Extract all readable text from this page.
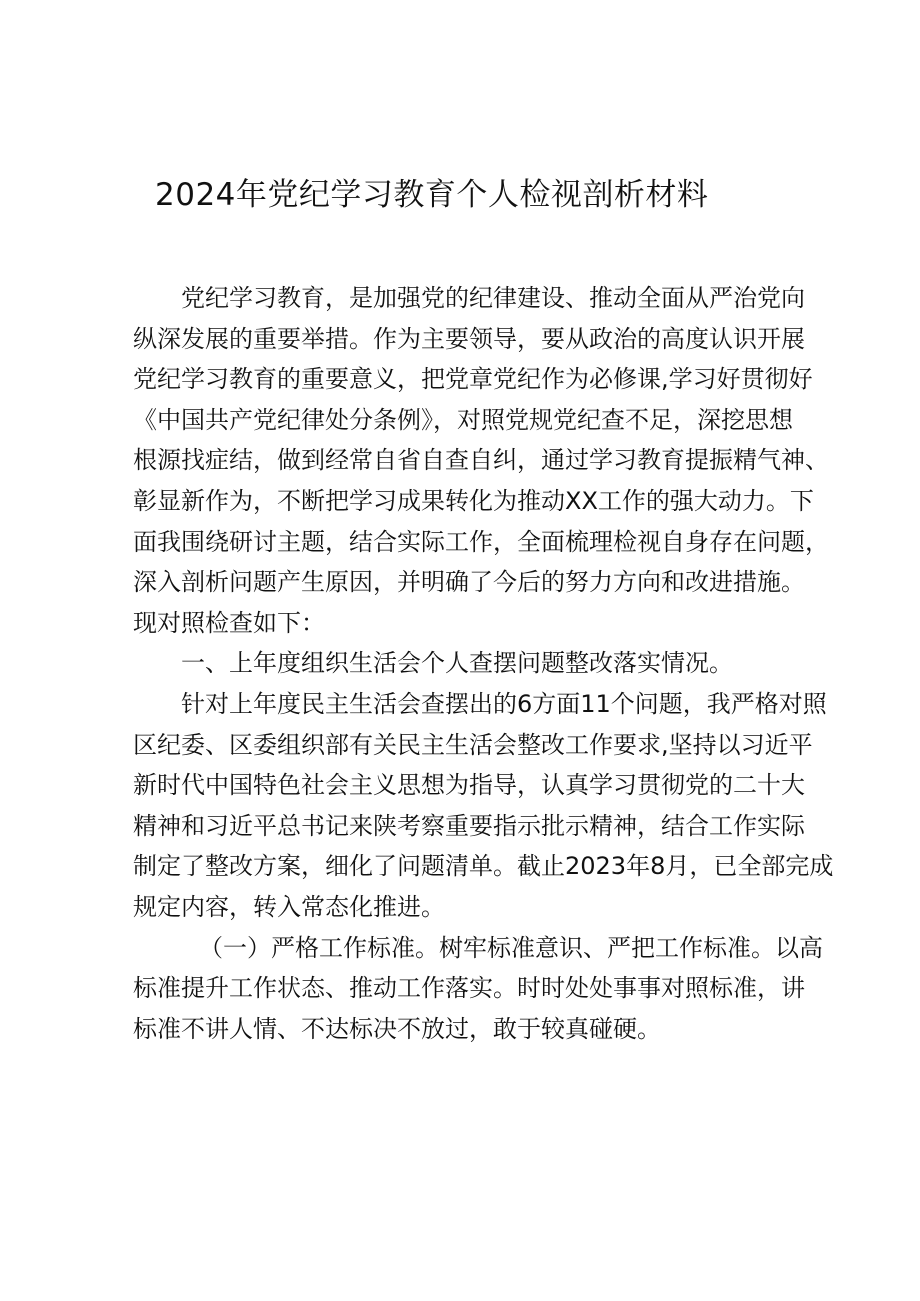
2024年党纪学习教育个人检视剖析材料
党纪学习教育，是加强党的纪律建设、推动全面从严治党向
纵深发展的重要举措。作为主要领导，要从政治的高度认识开展
党纪学习教育的重要意义，把党章党纪作为必修课,学习好贯彻好
《中国共产党纪律处分条例》，对照党规党纪查不足，深挖思想
根源找症结，做到经常自省自查自纠，通过学习教育提振精气神、
彰显新作为，不断把学习成果转化为推动XX工作的强大动力。下
面我围绕研讨主题，结合实际工作，全面梳理检视自身存在问题，
深入剖析问题产生原因，并明确了今后的努力方向和改进措施。
现对照检查如下：
一、上年度组织生活会个人查摆问题整改落实情况。
针对上年度民主生活会查摆出的6方面11个问题，我严格对照
区纪委、区委组织部有关民主生活会整改工作要求,坚持以习近平
新时代中国特色社会主义思想为指导，认真学习贯彻党的二十大
精神和习近平总书记来陕考察重要指示批示精神，结合工作实际
制定了整改方案，细化了问题清单。截止2023年8月，已全部完成
规定内容，转入常态化推进。
（一）严格工作标准。树牢标准意识、严把工作标准。以高
标准提升工作状态、推动工作落实。时时处处事事对照标准，讲
标准不讲人情、不达标决不放过，敢于较真碰硬。
